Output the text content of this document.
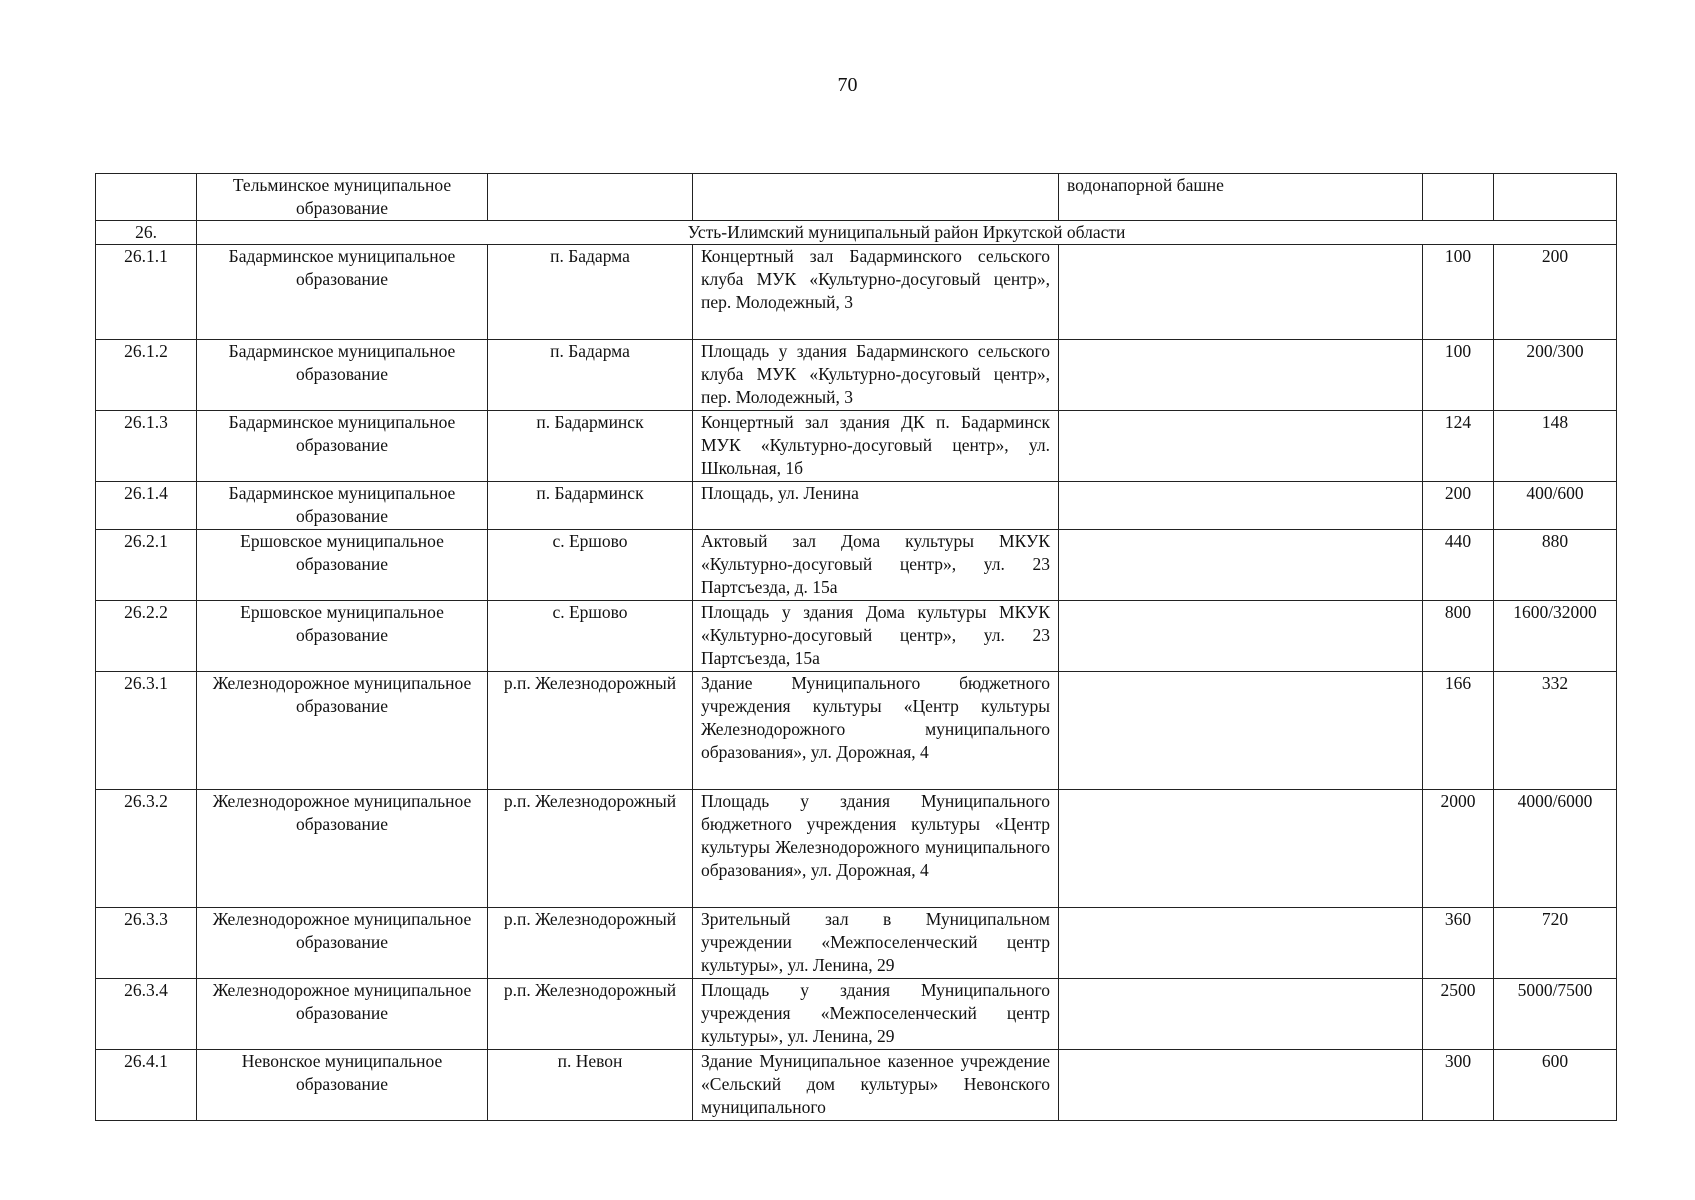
70
	Тельминское муниципальное образование			водонапорной башне		
26.	Усть-Илимский муниципальный район Иркутской области					
26.1.1	Бадарминское муниципальное образование	п. Бадарма	Концертный зал Бадарминского сельского клуба МУК «Культурно-досуговый центр», пер. Молодежный, 3		100	200
26.1.2	Бадарминское муниципальное образование	п. Бадарма	Площадь у здания Бадарминского сельского клуба МУК «Культурно-досуговый центр», пер. Молодежный, 3		100	200/300
26.1.3	Бадарминское муниципальное образование	п. Бадарминск	Концертный зал здания ДК п. Бадарминск МУК «Культурно-досуговый центр», ул. Школьная, 1б		124	148
26.1.4	Бадарминское муниципальное образование	п. Бадарминск	Площадь, ул. Ленина		200	400/600
26.2.1	Ершовское муниципальное образование	с. Ершово	Актовый зал Дома культуры МКУК «Культурно-досуговый центр», ул. 23 Партсъезда, д. 15а		440	880
26.2.2	Ершовское муниципальное образование	с. Ершово	Площадь у здания Дома культуры МКУК «Культурно-досуговый центр», ул. 23 Партсъезда, 15а		800	1600/32000
26.3.1	Железнодорожное муниципальное образование	р.п. Железнодорожный	Здание Муниципального бюджетного учреждения культуры «Центр культуры Железнодорожного муниципального образования», ул. Дорожная, 4		166	332
26.3.2	Железнодорожное муниципальное образование	р.п. Железнодорожный	Площадь у здания Муниципального бюджетного учреждения культуры «Центр культуры Железнодорожного муниципального образования», ул. Дорожная, 4		2000	4000/6000
26.3.3	Железнодорожное муниципальное образование	р.п. Железнодорожный	Зрительный зал в Муниципальном учреждении «Межпоселенческий центр культуры», ул. Ленина, 29		360	720
26.3.4	Железнодорожное муниципальное образование	р.п. Железнодорожный	Площадь у здания Муниципального учреждения «Межпоселенческий центр культуры», ул. Ленина, 29		2500	5000/7500
26.4.1	Невонское муниципальное образование	п. Невон	Здание Муниципальное казенное учреждение «Сельский дом культуры» Невонского муниципального		300	600
